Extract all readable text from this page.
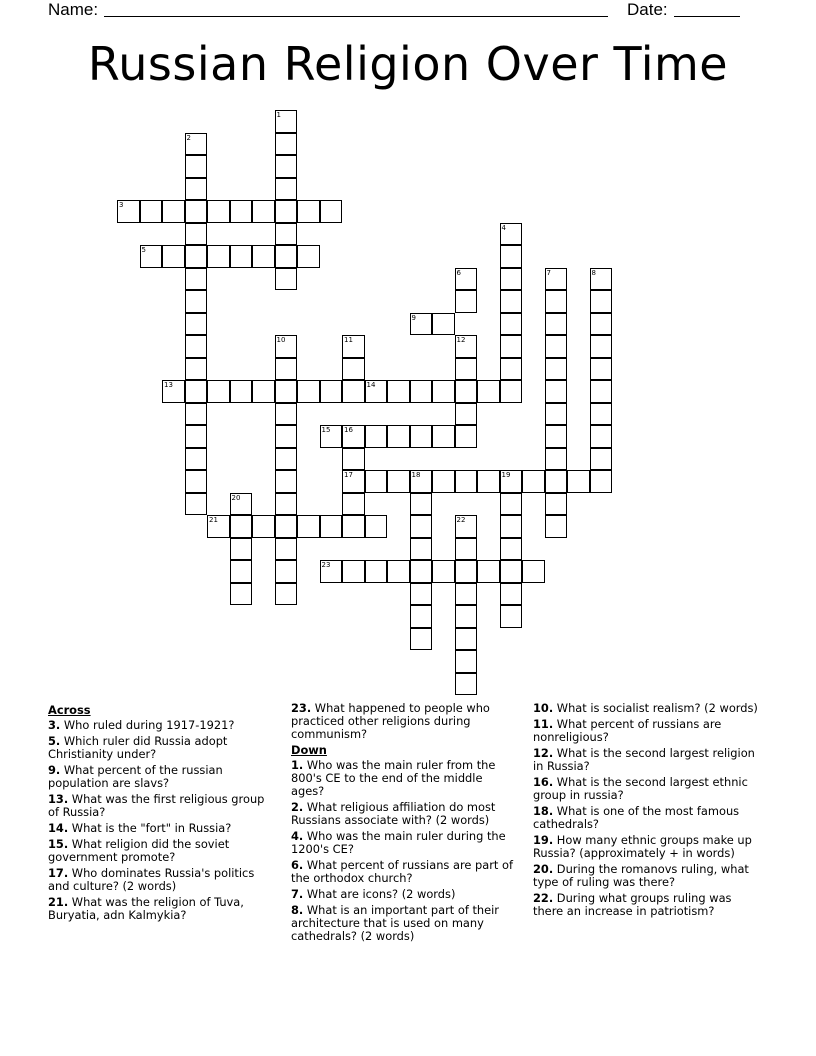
Name:	Date:
Russian Religion Over Time
1
2
3
4
5
6	7	8
9
10	11	12
13	14
15 16
17	18	19
20
21	22
23
Across
3. Who ruled during 1917-1921?
5. Which ruler did Russia adopt Christianity under?
9. What percent of the russian population are slavs?
13. What was the first religious group of Russia?
14. What is the "fort" in Russia?
15. What religion did the soviet government promote?
17. Who dominates Russia's politics and culture? (2 words)
21. What was the religion of Tuva, Buryatia, adn Kalmykia?
23. What happened to people who practiced other religions during communism?
Down
1. Who was the main ruler from the 800's CE to the end of the middle ages?
2. What religious affiliation do most Russians associate with? (2 words)
4. Who was the main ruler during the 1200's CE?
6. What percent of russians are part of the orthodox church?
7. What are icons? (2 words)
8. What is an important part of their architecture that is used on many cathedrals? (2 words)
10. What is socialist realism? (2 words)
11. What percent of russians are nonreligious?
12. What is the second largest religion in Russia?
16. What is the second largest ethnic group in russia?
18. What is one of the most famous cathedrals?
19. How many ethnic groups make up Russia? (approximately + in words)
20. During the romanovs ruling, what type of ruling was there?
22. During what groups ruling was there an increase in patriotism?
